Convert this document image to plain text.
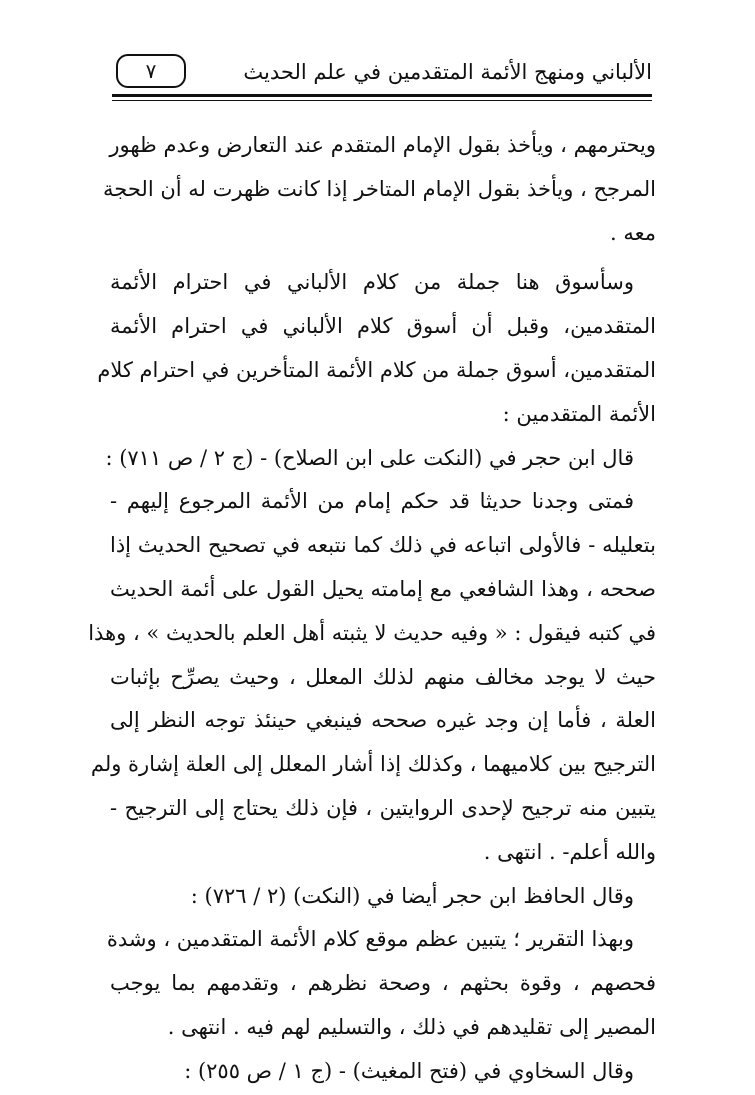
الألباني ومنهج الأئمة المتقدمين في علم الحديث
٧
ويحترمهم ، ويأخذ بقول الإمام المتقدم عند التعارض وعدم ظهور
المرجح ، ويأخذ بقول الإمام المتاخر إذا كانت ظهرت له أن الحجة
معه .
وسأسوق هنا جملة من كلام الألباني في احترام الأئمة
المتقدمين، وقبل أن أسوق كلام الألباني في احترام الأئمة
المتقدمين، أسوق جملة من كلام الأئمة المتأخرين في احترام كلام
الأئمة المتقدمين :
قال ابن حجر في (النكت على ابن الصلاح) - (ج ٢ / ص ٧١١) :
فمتى وجدنا حديثا قد حكم إمام من الأئمة المرجوع إليهم -
بتعليله - فالأولى اتباعه في ذلك كما نتبعه في تصحيح الحديث إذا
صححه ، وهذا الشافعي مع إمامته يحيل القول على أئمة الحديث
في كتبه فيقول : « وفيه حديث لا يثبته أهل العلم بالحديث » ، وهذا
حيث لا يوجد مخالف منهم لذلك المعلل ، وحيث يصرِّح بإثبات
العلة ، فأما إن وجد غيره صححه فينبغي حينئذ توجه النظر إلى
الترجيح بين كلاميهما ، وكذلك إذا أشار المعلل إلى العلة إشارة ولم
يتبين منه ترجيح لإحدى الروايتين ، فإن ذلك يحتاج إلى الترجيح -
والله أعلم- . انتهى .
وقال الحافظ ابن حجر أيضا في (النكت) (٢ / ٧٢٦) :
وبهذا التقرير ؛ يتبين عظم موقع كلام الأئمة المتقدمين ، وشدة
فحصهم ، وقوة بحثهم ، وصحة نظرهم ، وتقدمهم بما يوجب
المصير إلى تقليدهم في ذلك ، والتسليم لهم فيه . انتهى .
وقال السخاوي في (فتح المغيث) - (ج ١ / ص ٢٥٥) :
